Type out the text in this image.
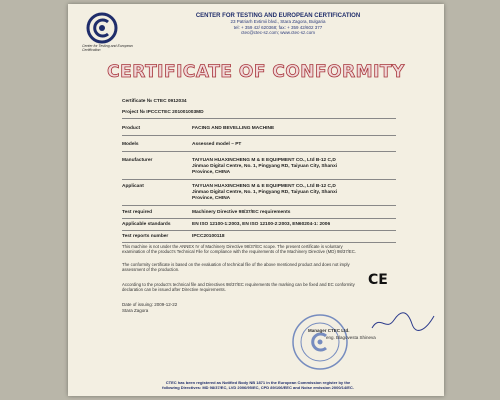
Center for Testing and European Certification
CENTER FOR TESTING AND EUROPEAN CERTIFICATION
23 Patriarh Evtimii blvd., Stara Zagora, Bulgaria
tel: + 359 42/ 620368; fax: + 359 42/602 377
ctec@ctec-sz.com; www.ctec-sz.com
CERTIFICATE OF CONFORMITY
Certificate № CTEC 0912034
Project № IPCCCTEC 201001003MD
Product	FACING AND BEVELLING MACHINE
Models	Assessed model – PT
Manufacturer	TAIYUAN HUAXINCHENG M & E EQUIPMENT CO., Ltd B-12 C,D Jinmao Digital Centre, No. 1, Pingyang RD, Taiyuan City, Shanxi Province, CHINA
Applicant	TAIYUAN HUAXINCHENG M & E EQUIPMENT CO., Ltd B-12 C,D Jinmao Digital Centre, No. 1, Pingyang RD, Taiyuan City, Shanxi Province, CHINA
Test required	Machinery Directive 98/37/EC requirements
Applicable standards	EN ISO 12100-1:2003, EN ISO 12100-2:2003, EN60204-1: 2006
Test reports number	IPCC20100118
This machine is not under the ANNEX IV of Machinery Directive 98/37/EC scope. The present certificate is voluntary examination of the product's Technical File for compliance with the requirements of the Machinery Directive (MD) 98/37/EC.
The conformity certificate is based on the evaluation of technical file of the above mentioned product and does not imply assessment of the production.
CE
According to the product's technical file and Directives 98/37/EC requirements the marking can be fixed and EC conformity declaration can be issued after Directive requirements.
Date of issuing: 2009-12-22
Stara Zagora
Manager CTEC Ltd.
eng. Blagovesta Shineva
CTEC has been registered as Notified Body NB 1871 in the European Commission register by the
following Directives: MD 98/37/EC, LVD 2006/95/EC, CPD 89/106/EEC and Noise emission 2000/14/EC.
